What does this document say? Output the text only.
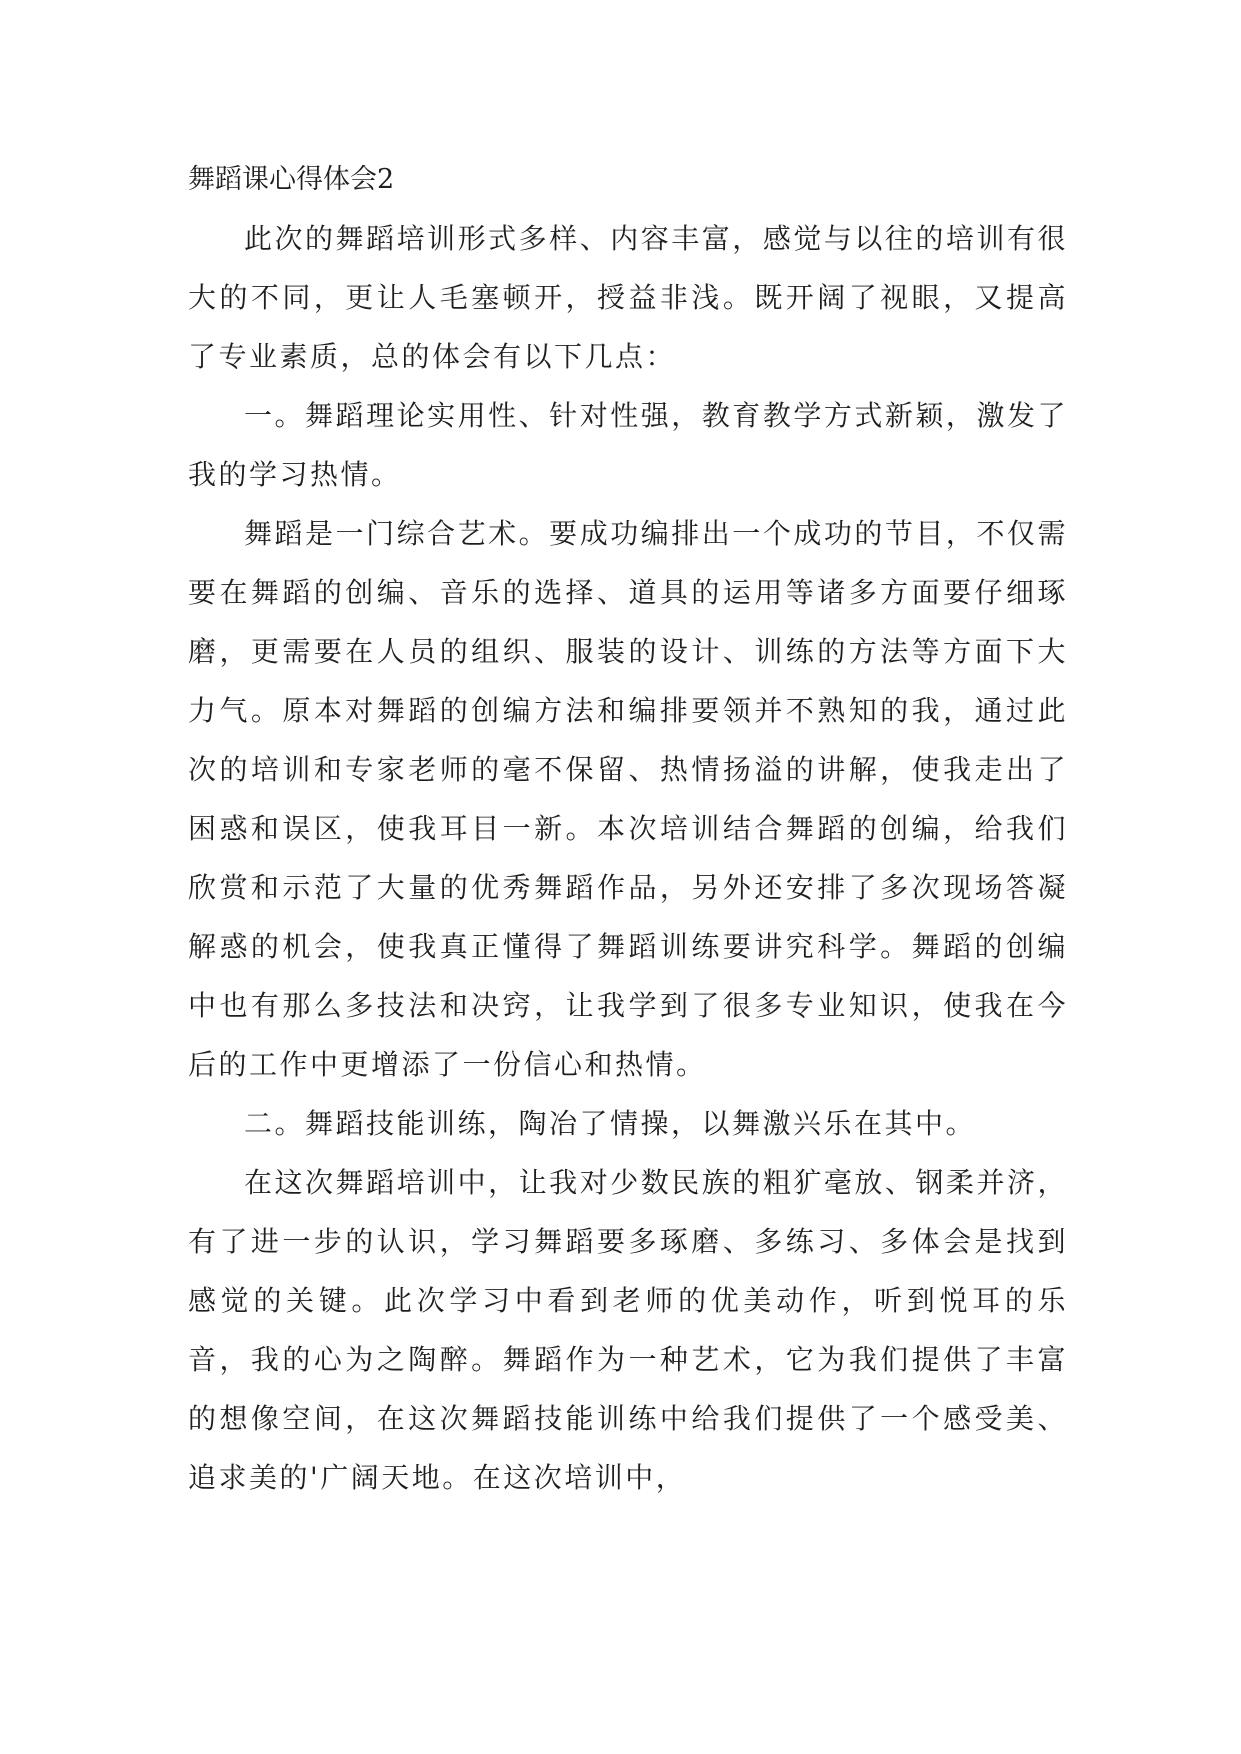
舞蹈课心得体会2

此次的舞蹈培训形式多样、内容丰富，感觉与以往的培训有很大的不同，更让人毛塞顿开，授益非浅。既开阔了视眼，又提高了专业素质，总的体会有以下几点：

一。舞蹈理论实用性、针对性强，教育教学方式新颖，激发了我的学习热情。

舞蹈是一门综合艺术。要成功编排出一个成功的节目，不仅需要在舞蹈的创编、音乐的选择、道具的运用等诸多方面要仔细琢磨，更需要在人员的组织、服装的设计、训练的方法等方面下大力气。原本对舞蹈的创编方法和编排要领并不熟知的我，通过此次的培训和专家老师的毫不保留、热情扬溢的讲解，使我走出了困惑和误区，使我耳目一新。本次培训结合舞蹈的创编，给我们欣赏和示范了大量的优秀舞蹈作品，另外还安排了多次现场答凝解惑的机会，使我真正懂得了舞蹈训练要讲究科学。舞蹈的创编中也有那么多技法和决窍，让我学到了很多专业知识，使我在今后的工作中更增添了一份信心和热情。

二。舞蹈技能训练，陶冶了情操，以舞激兴乐在其中。

在这次舞蹈培训中，让我对少数民族的粗犷毫放、钢柔并济，有了进一步的认识，学习舞蹈要多琢磨、多练习、多体会是找到感觉的关键。此次学习中看到老师的优美动作，听到悦耳的乐音，我的心为之陶醉。舞蹈作为一种艺术，它为我们提供了丰富的想像空间，在这次舞蹈技能训练中给我们提供了一个感受美、追求美的'广阔天地。在这次培训中，
